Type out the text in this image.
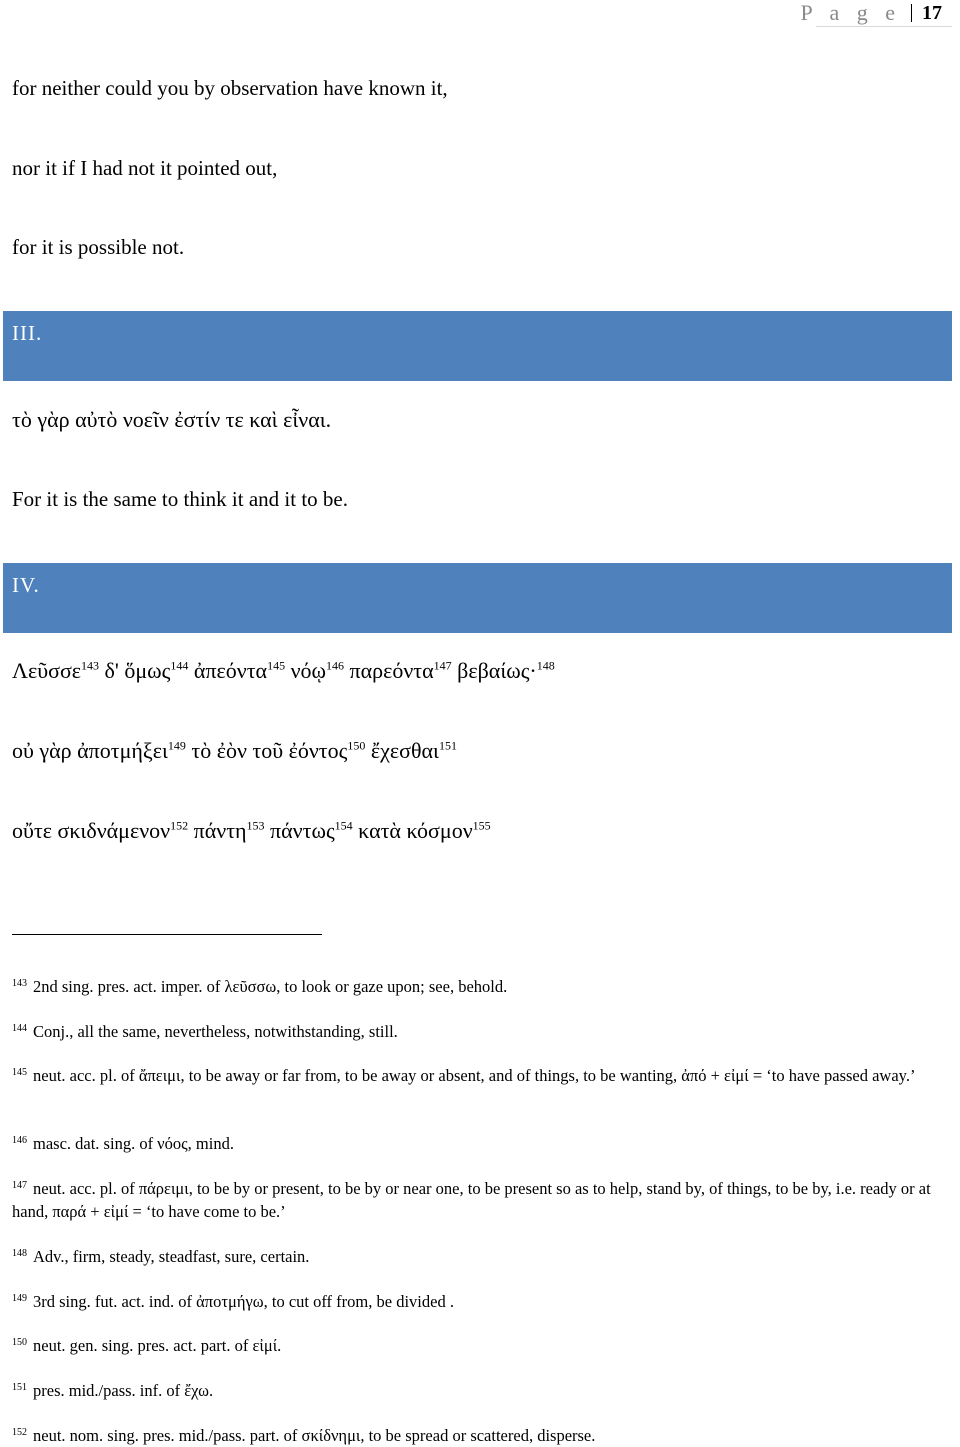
P a g e 17
for neither could you by observation have known it,
nor it if I had not it pointed out,
for it is possible not.
III.
τὸ γὰρ αὐτὸ νοεῖν ἐστίν τε καὶ εἶναι.
For it is the same to think it and it to be.
IV.
Λεῦσσε$^{143}$ δ' ὅμως$^{144}$ ἀπεόντα$^{145}$ νόῳ$^{146}$ παρεόντα$^{147}$ βεβαίως·$^{148}$
οὐ γὰρ ἀποτμήξει$^{149}$ τὸ ἐὸν τοῦ ἐόντος$^{150}$ ἔχεσθαι$^{151}$
οὔτε σκιδνάμενον$^{152}$ πάντη$^{153}$ πάντως$^{154}$ κατὰ κόσμον$^{155}$
$^{143}$ 2nd sing. pres. act. imper. of λεῦσσω, to look or gaze upon; see, behold.
$^{144}$ Conj., all the same, nevertheless, notwithstanding, still.
$^{145}$ neut. acc. pl. of ἄπειμι, to be away or far from, to be away or absent, and of things, to be wanting, ἀπό + εἰμί = ‘to have passed away.’
$^{146}$ masc. dat. sing. of νόος, mind.
$^{147}$ neut. acc. pl. of πάρειμι, to be by or present, to be by or near one, to be present so as to help, stand by, of things, to be by, i.e. ready or at hand, παρά + εἰμί = ‘to have come to be.’
$^{148}$ Adv., firm, steady, steadfast, sure, certain.
$^{149}$ 3rd sing. fut. act. ind. of ἀποτμήγω, to cut off from, be divided .
$^{150}$ neut. gen. sing. pres. act. part. of εἰμί.
$^{151}$ pres. mid./pass. inf. of ἔχω.
$^{152}$ neut. nom. sing. pres. mid./pass. part. of σκίδνημι, to be spread or scattered, disperse.
